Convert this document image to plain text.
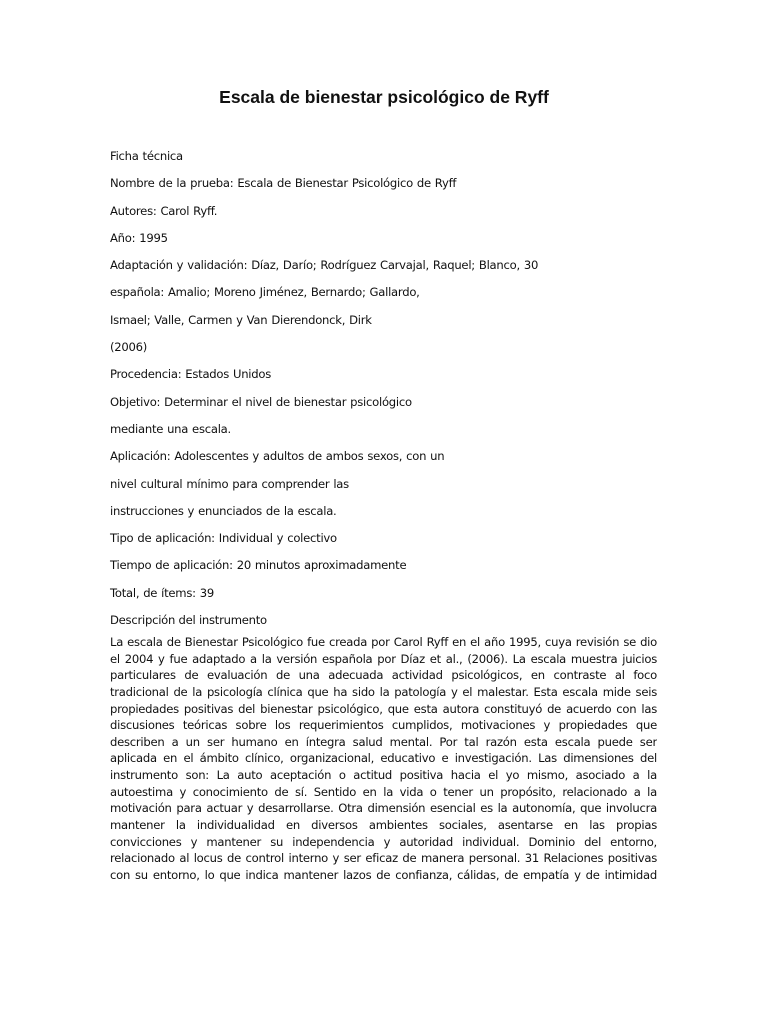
Escala de bienestar psicológico de Ryff
Ficha técnica
Nombre de la prueba: Escala de Bienestar Psicológico de Ryff
Autores: Carol Ryff.
Año: 1995
Adaptación y validación: Díaz, Darío; Rodríguez Carvajal, Raquel; Blanco, 30
española: Amalio; Moreno Jiménez, Bernardo; Gallardo,
Ismael; Valle, Carmen y Van Dierendonck, Dirk
(2006)
Procedencia: Estados Unidos
Objetivo: Determinar el nivel de bienestar psicológico
mediante una escala.
Aplicación: Adolescentes y adultos de ambos sexos, con un
nivel cultural mínimo para comprender las
instrucciones y enunciados de la escala.
Tipo de aplicación: Individual y colectivo
Tiempo de aplicación: 20 minutos aproximadamente
Total, de ítems: 39
Descripción del instrumento
La escala de Bienestar Psicológico fue creada por Carol Ryff en el año 1995, cuya revisión se dio
el 2004 y fue adaptado a la versión española por Díaz et al., (2006). La escala muestra juicios
particulares de evaluación de una adecuada actividad psicológicos, en contraste al foco
tradicional de la psicología clínica que ha sido la patología y el malestar. Esta escala mide seis
propiedades positivas del bienestar psicológico, que esta autora constituyó de acuerdo con las
discusiones teóricas sobre los requerimientos cumplidos, motivaciones y propiedades que
describen a un ser humano en íntegra salud mental. Por tal razón esta escala puede ser
aplicada en el ámbito clínico, organizacional, educativo e investigación. Las dimensiones del
instrumento son: La auto aceptación o actitud positiva hacia el yo mismo, asociado a la
autoestima y conocimiento de sí. Sentido en la vida o tener un propósito, relacionado a la
motivación para actuar y desarrollarse. Otra dimensión esencial es la autonomía, que involucra
mantener la individualidad en diversos ambientes sociales, asentarse en las propias
convicciones y mantener su independencia y autoridad individual. Dominio del entorno,
relacionado al locus de control interno y ser eficaz de manera personal. 31 Relaciones positivas
con su entorno, lo que indica mantener lazos de confianza, cálidas, de empatía y de intimidad
